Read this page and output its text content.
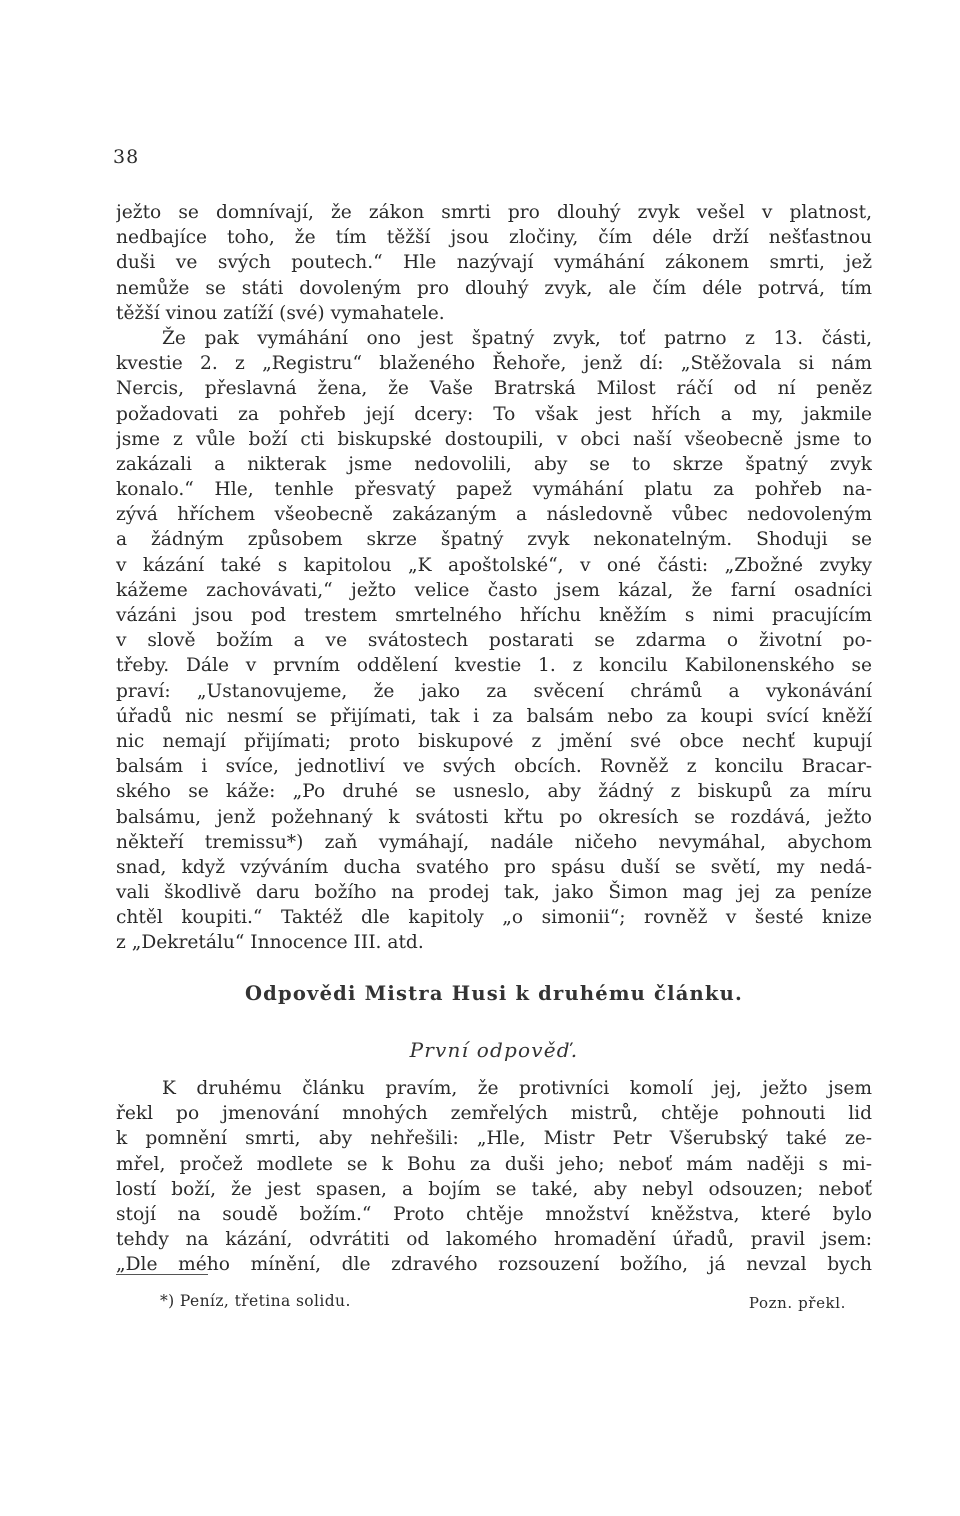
38
ježto se domnívají, že zákon smrti pro dlouhý zvyk vešel v platnost,
nedbajíce toho, že tím těžší jsou zločiny, čím déle drží nešťastnou
duši ve svých poutech.“ Hle nazývají vymáhání zákonem smrti, jež
nemůže se státi dovoleným pro dlouhý zvyk, ale čím déle potrvá, tím
těžší vinou zatíží (své) vymahatele.
Že pak vymáhání ono jest špatný zvyk, toť patrno z 13. části,
kvestie 2. z „Registru“ blaženého Řehoře, jenž dí: „Stěžovala si nám
Nercis, přeslavná žena, že Vaše Bratrská Milost ráčí od ní peněz
požadovati za pohřeb její dcery: To však jest hřích a my, jakmile
jsme z vůle boží cti biskupské dostoupili, v obci naší všeobecně jsme to
zakázali a nikterak jsme nedovolili, aby se to skrze špatný zvyk
konalo.“ Hle, tenhle přesvatý papež vymáhání platu za pohřeb na-
zývá hříchem všeobecně zakázaným a následovně vůbec nedovoleným
a žádným způsobem skrze špatný zvyk nekonatelným. Shoduji se
v kázání také s kapitolou „K apoštolské“, v oné části: „Zbožné zvyky
kážeme zachovávati,“ ježto velice často jsem kázal, že farní osadníci
vázáni jsou pod trestem smrtelného hříchu kněžím s nimi pracujícím
v slově božím a ve svátostech postarati se zdarma o životní po-
třeby. Dále v prvním oddělení kvestie 1. z koncilu Kabilonenského se
praví: „Ustanovujeme, že jako za svěcení chrámů a vykonávání
úřadů nic nesmí se přijímati, tak i za balsám nebo za koupi svící kněží
nic nemají přijímati; proto biskupové z jmění své obce nechť kupují
balsám i svíce, jednotliví ve svých obcích. Rovněž z koncilu Bracar-
ského se káže: „Po druhé se usneslo, aby žádný z biskupů za míru
balsámu, jenž požehnaný k svátosti křtu po okresích se rozdává, ježto
někteří tremissu*) zaň vymáhají, nadále ničeho nevymáhal, abychom
snad, když vzýváním ducha svatého pro spásu duší se světí, my nedá-
vali škodlivě daru božího na prodej tak, jako Šimon mag jej za peníze
chtěl koupiti.“ Taktéž dle kapitoly „o simonii“; rovněž v šesté knize
z „Dekretálu“ Innocence III. atd.
Odpovědi Mistra Husi k druhému článku.
První odpověď.
K druhému článku pravím, že protivníci komolí jej, ježto jsem
řekl po jmenování mnohých zemřelých mistrů, chtěje pohnouti lid
k pomnění smrti, aby nehřešili: „Hle, Mistr Petr Všerubský také ze-
mřel, pročež modlete se k Bohu za duši jeho; neboť mám naději s mi-
lostí boží, že jest spasen, a bojím se také, aby nebyl odsouzen; neboť
stojí na soudě božím.“ Proto chtěje množství kněžstva, které bylo
tehdy na kázání, odvrátiti od lakomého hromadění úřadů, pravil jsem:
„Dle mého mínění, dle zdravého rozsouzení božího, já nevzal bych
*) Peníz, třetina solidu.	Pozn. překl.
